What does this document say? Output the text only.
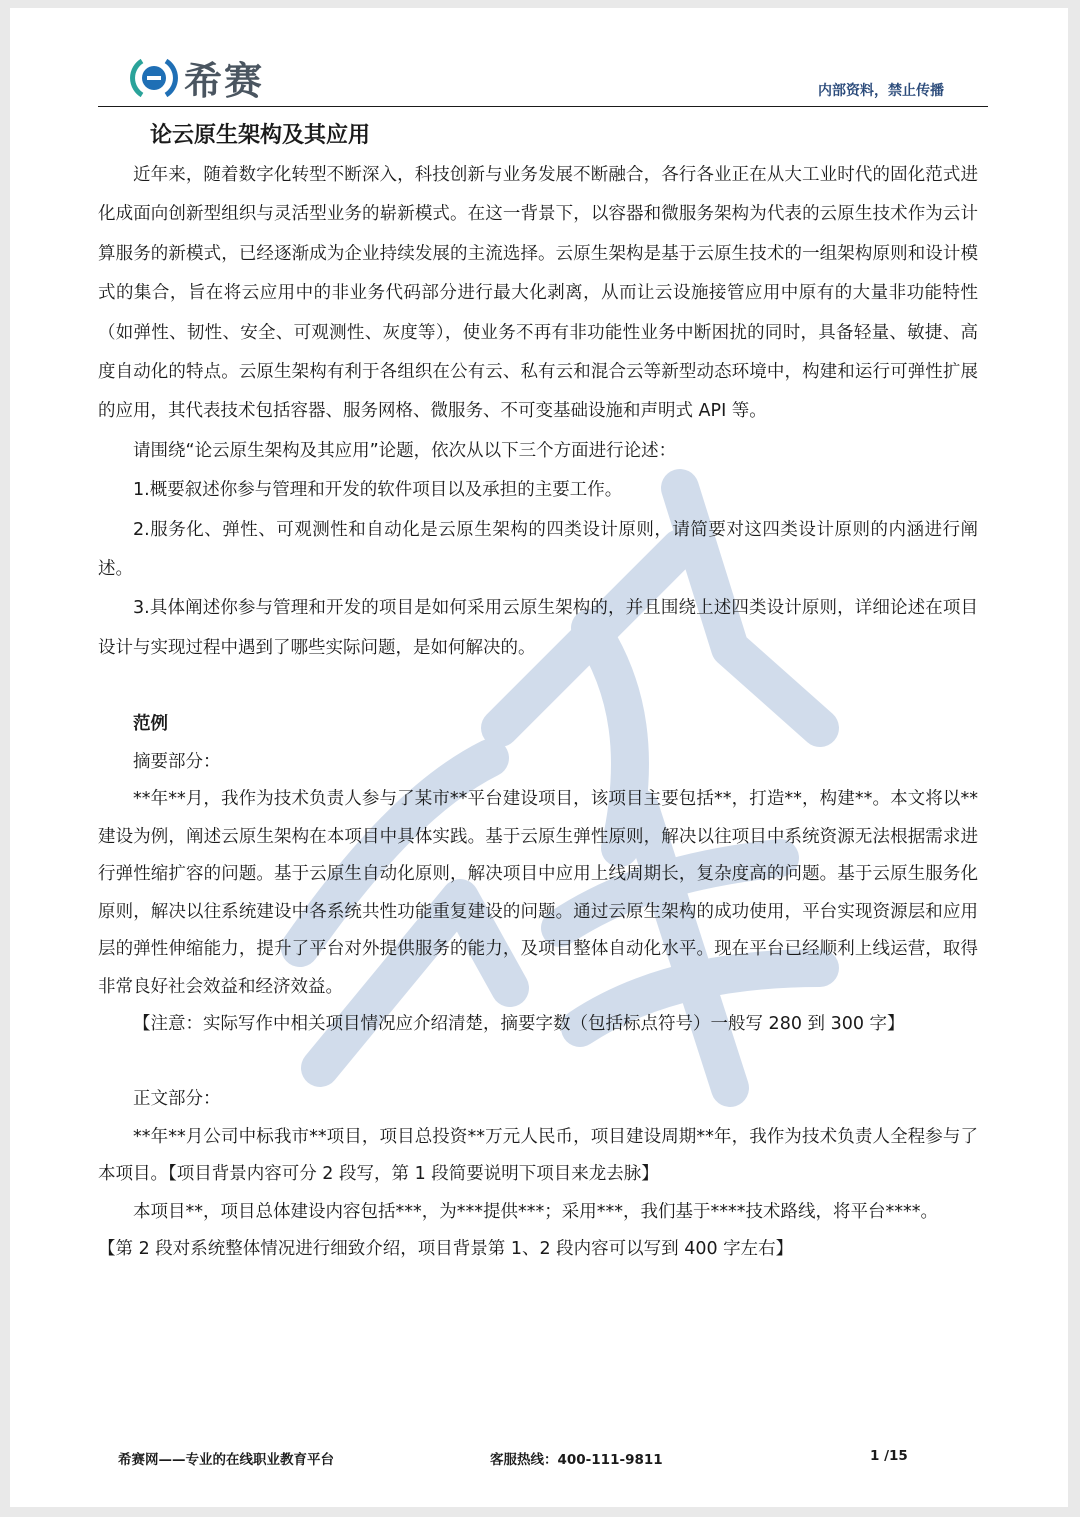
希赛	内部资料，禁止传播
论云原生架构及其应用

近年来，随着数字化转型不断深入，科技创新与业务发展不断融合，各行各业正在从大工业时代的固化范式进化成面向创新型组织与灵活型业务的崭新模式。在这一背景下，以容器和微服务架构为代表的云原生技术作为云计算服务的新模式，已经逐渐成为企业持续发展的主流选择。云原生架构是基于云原生技术的一组架构原则和设计模式的集合，旨在将云应用中的非业务代码部分进行最大化剥离，从而让云设施接管应用中原有的大量非功能特性（如弹性、韧性、安全、可观测性、灰度等），使业务不再有非功能性业务中断困扰的同时，具备轻量、敏捷、高度自动化的特点。云原生架构有利于各组织在公有云、私有云和混合云等新型动态环境中，构建和运行可弹性扩展的应用，其代表技术包括容器、服务网格、微服务、不可变基础设施和声明式 API 等。

请围绕“论云原生架构及其应用”论题，依次从以下三个方面进行论述：

1.概要叙述你参与管理和开发的软件项目以及承担的主要工作。

2.服务化、弹性、可观测性和自动化是云原生架构的四类设计原则，请简要对这四类设计原则的内涵进行阐述。

3.具体阐述你参与管理和开发的项目是如何采用云原生架构的，并且围绕上述四类设计原则，详细论述在项目设计与实现过程中遇到了哪些实际问题，是如何解决的。

范例

摘要部分：

**年**月，我作为技术负责人参与了某市**平台建设项目，该项目主要包括**，打造**，构建**。本文将以**建设为例，阐述云原生架构在本项目中具体实践。基于云原生弹性原则，解决以往项目中系统资源无法根据需求进行弹性缩扩容的问题。基于云原生自动化原则，解决项目中应用上线周期长，复杂度高的问题。基于云原生服务化原则，解决以往系统建设中各系统共性功能重复建设的问题。通过云原生架构的成功使用，平台实现资源层和应用层的弹性伸缩能力，提升了平台对外提供服务的能力，及项目整体自动化水平。现在平台已经顺利上线运营，取得非常良好社会效益和经济效益。

【注意：实际写作中相关项目情况应介绍清楚，摘要字数（包括标点符号）一般写 280 到 300 字】

正文部分：

**年**月公司中标我市**项目，项目总投资**万元人民币，项目建设周期**年，我作为技术负责人全程参与了本项目。【项目背景内容可分 2 段写，第 1 段简要说明下项目来龙去脉】

本项目**，项目总体建设内容包括***，为***提供***；采用***，我们基于****技术路线，将平台****。

【第 2 段对系统整体情况进行细致介绍，项目背景第 1、2 段内容可以写到 400 字左右】

希赛网——专业的在线职业教育平台	客服热线：400-111-9811	1 /15
